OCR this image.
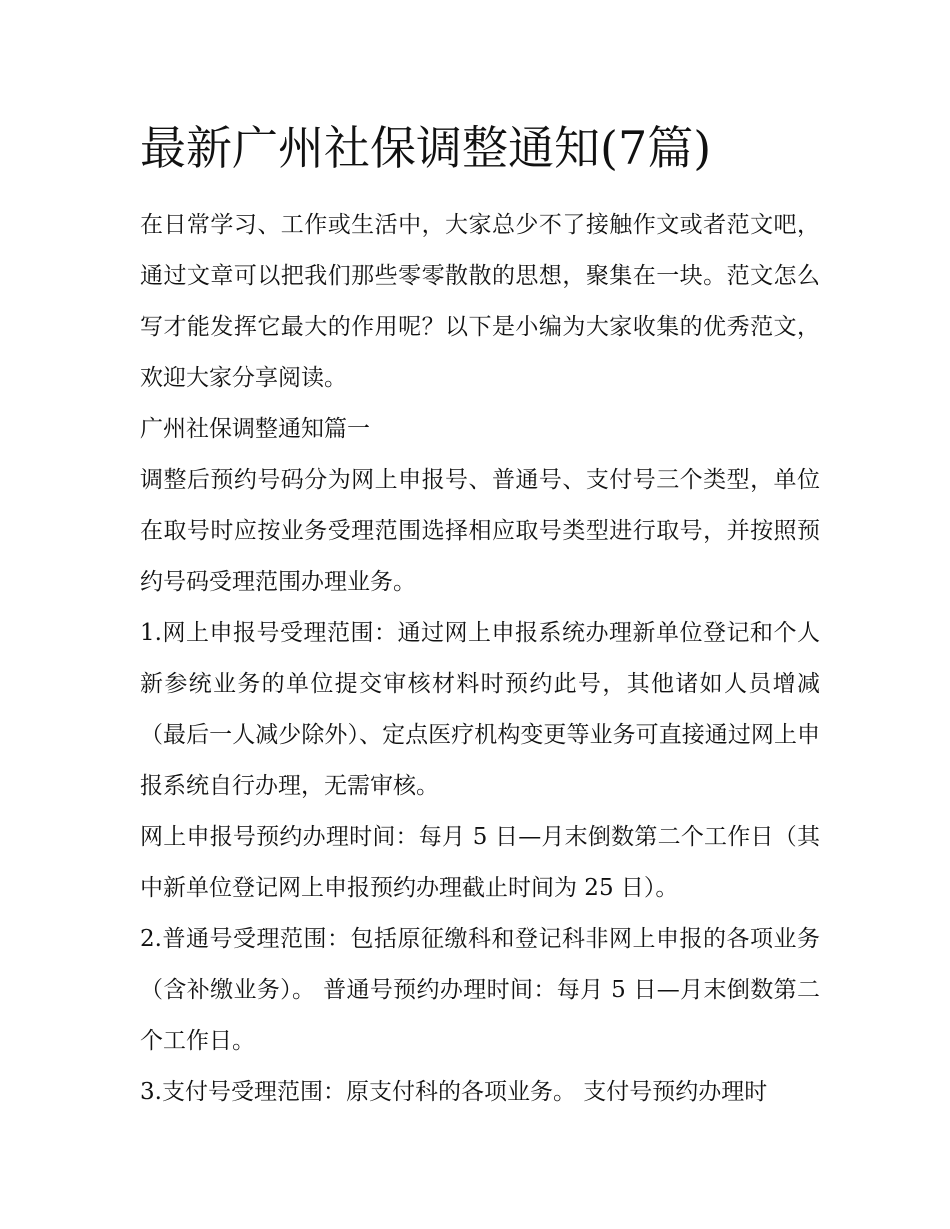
最新广州社保调整通知(7篇)

在日常学习、工作或生活中，大家总少不了接触作文或者范文吧，通过文章可以把我们那些零零散散的思想，聚集在一块。范文怎么写才能发挥它最大的作用呢？以下是小编为大家收集的优秀范文，欢迎大家分享阅读。

广州社保调整通知篇一

调整后预约号码分为网上申报号、普通号、支付号三个类型，单位在取号时应按业务受理范围选择相应取号类型进行取号，并按照预约号码受理范围办理业务。

1.网上申报号受理范围：通过网上申报系统办理新单位登记和个人新参统业务的单位提交审核材料时预约此号，其他诸如人员增减（最后一人减少除外）、定点医疗机构变更等业务可直接通过网上申报系统自行办理，无需审核。

网上申报号预约办理时间：每月 5 日—月末倒数第二个工作日（其中新单位登记网上申报预约办理截止时间为 25 日）。

2.普通号受理范围：包括原征缴科和登记科非网上申报的各项业务（含补缴业务）。 普通号预约办理时间：每月 5 日—月末倒数第二个工作日。

3.支付号受理范围：原支付科的各项业务。 支付号预约办理时
